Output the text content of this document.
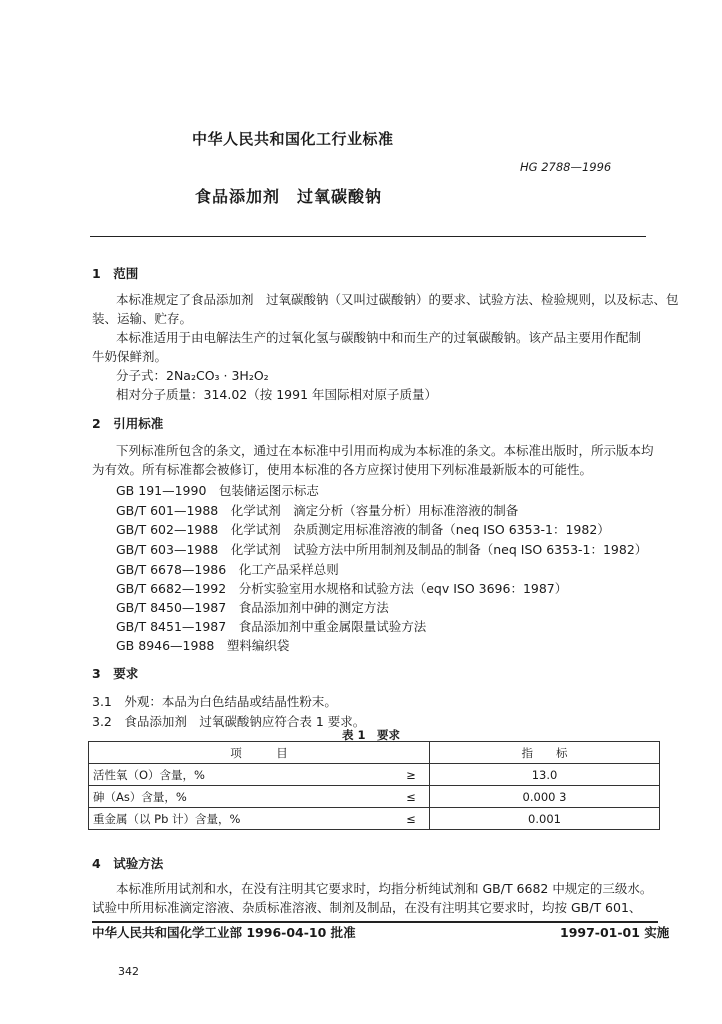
中华人民共和国化工行业标准
HG 2788—1996
食品添加剂　过氧碳酸钠
1　范围
本标准规定了食品添加剂　过氧碳酸钠（又叫过碳酸钠）的要求、试验方法、检验规则，以及标志、包
装、运输、贮存。
本标准适用于由电解法生产的过氧化氢与碳酸钠中和而生产的过氧碳酸钠。该产品主要用作配制
牛奶保鲜剂。
分子式：2Na₂CO₃ · 3H₂O₂
相对分子质量：314.02（按 1991 年国际相对原子质量）
2　引用标准
下列标准所包含的条文，通过在本标准中引用而构成为本标准的条文。本标准出版时，所示版本均
为有效。所有标准都会被修订，使用本标准的各方应探讨使用下列标准最新版本的可能性。
GB 191—1990　包装储运图示标志
GB/T 601—1988　化学试剂　滴定分析（容量分析）用标准溶液的制备
GB/T 602—1988　化学试剂　杂质测定用标准溶液的制备（neq ISO 6353-1：1982）
GB/T 603—1988　化学试剂　试验方法中所用制剂及制品的制备（neq ISO 6353-1：1982）
GB/T 6678—1986　化工产品采样总则
GB/T 6682—1992　分析实验室用水规格和试验方法（eqv ISO 3696：1987）
GB/T 8450—1987　食品添加剂中砷的测定方法
GB/T 8451—1987　食品添加剂中重金属限量试验方法
GB 8946—1988　塑料编织袋
3　要求
3.1　外观：本品为白色结晶或结晶性粉末。
3.2　食品添加剂　过氧碳酸钠应符合表 1 要求。
表 1　要求
项　　　目		指　　标
活性氧（O）含量，%	≥	13.0
砷（As）含量，%	≤	0.000 3
重金属（以 Pb 计）含量，%	≤	0.001
4　试验方法
本标准所用试剂和水，在没有注明其它要求时，均指分析纯试剂和 GB/T 6682 中规定的三级水。
试验中所用标准滴定溶液、杂质标准溶液、制剂及制品，在没有注明其它要求时，均按 GB/T 601、
中华人民共和国化学工业部 1996-04-10 批准	1997-01-01 实施
342
